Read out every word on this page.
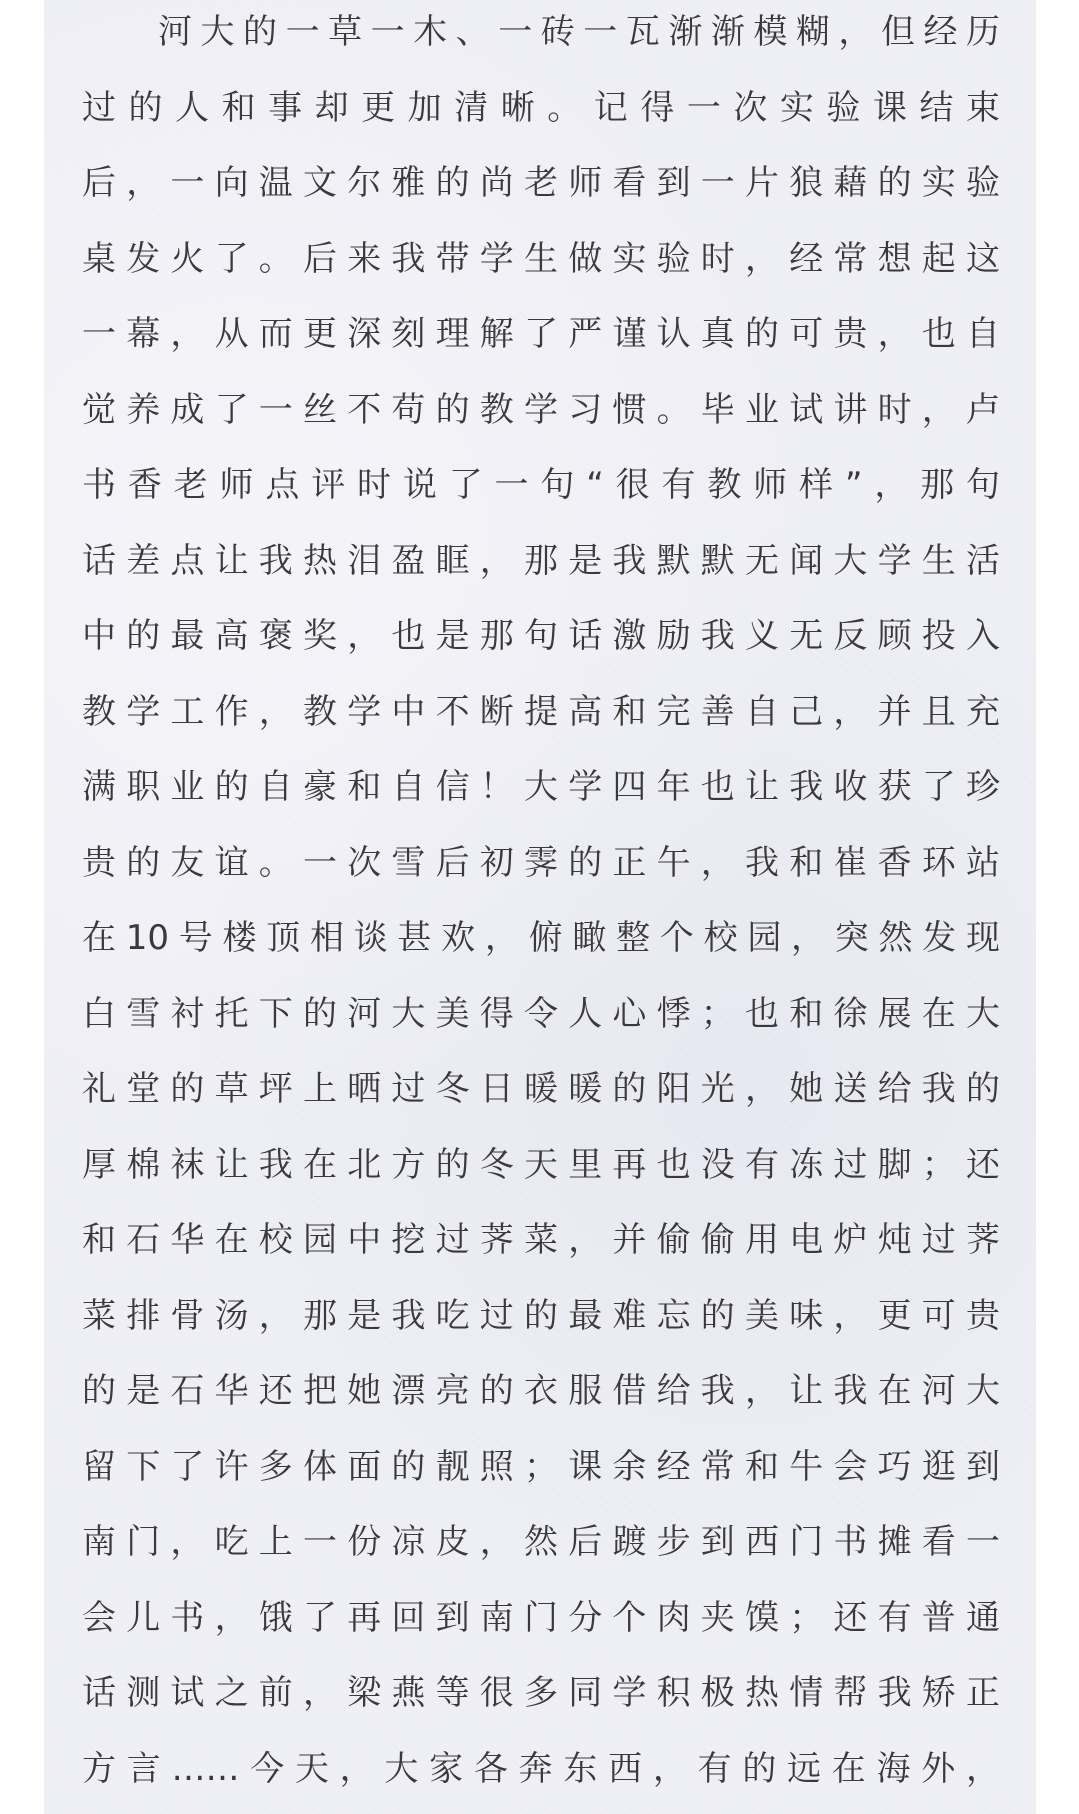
河大的一草一木、一砖一瓦渐渐模糊，但经历
过的人和事却更加清晰。记得一次实验课结束
后，一向温文尔雅的尚老师看到一片狼藉的实验
桌发火了。后来我带学生做实验时，经常想起这
一幕，从而更深刻理解了严谨认真的可贵，也自
觉养成了一丝不苟的教学习惯。毕业试讲时，卢
书香老师点评时说了一句“很有教师样”，那句
话差点让我热泪盈眶，那是我默默无闻大学生活
中的最高褒奖，也是那句话激励我义无反顾投入
教学工作，教学中不断提高和完善自己，并且充
满职业的自豪和自信！大学四年也让我收获了珍
贵的友谊。一次雪后初霁的正午，我和崔香环站
在10号楼顶相谈甚欢，俯瞰整个校园，突然发现
白雪衬托下的河大美得令人心悸；也和徐展在大
礼堂的草坪上晒过冬日暖暖的阳光，她送给我的
厚棉袜让我在北方的冬天里再也没有冻过脚；还
和石华在校园中挖过荠菜，并偷偷用电炉炖过荠
菜排骨汤，那是我吃过的最难忘的美味，更可贵
的是石华还把她漂亮的衣服借给我，让我在河大
留下了许多体面的靓照；课余经常和牛会巧逛到
南门，吃上一份凉皮，然后踱步到西门书摊看一
会儿书，饿了再回到南门分个肉夹馍；还有普通
话测试之前，梁燕等很多同学积极热情帮我矫正
方言……今天，大家各奔东西，有的远在海外，
